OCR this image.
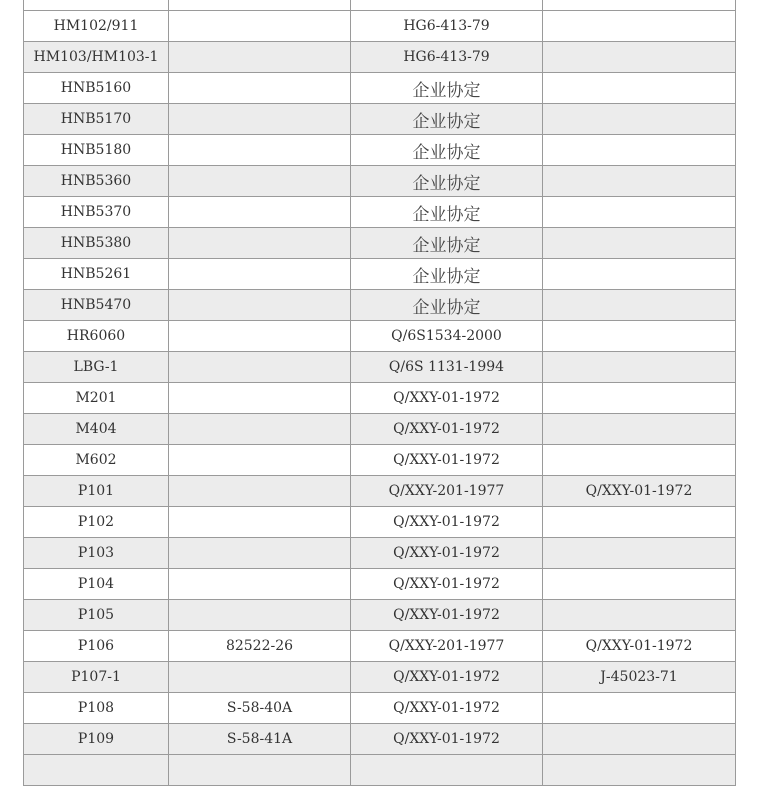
HM102/911		HG6-413-79	
HM103/HM103-1		HG6-413-79	
HNB5160		企业协定	
HNB5170		企业协定	
HNB5180		企业协定	
HNB5360		企业协定	
HNB5370		企业协定	
HNB5380		企业协定	
HNB5261		企业协定	
HNB5470		企业协定	
HR6060		Q/6S1534-2000	
LBG-1		Q/6S 1131-1994	
M201		Q/XXY-01-1972	
M404		Q/XXY-01-1972	
M602		Q/XXY-01-1972	
P101		Q/XXY-201-1977	Q/XXY-01-1972
P102		Q/XXY-01-1972	
P103		Q/XXY-01-1972	
P104		Q/XXY-01-1972	
P105		Q/XXY-01-1972	
P106	82522-26	Q/XXY-201-1977	Q/XXY-01-1972
P107-1		Q/XXY-01-1972	J-45023-71
P108	S-58-40A	Q/XXY-01-1972	
P109	S-58-41A	Q/XXY-01-1972	
